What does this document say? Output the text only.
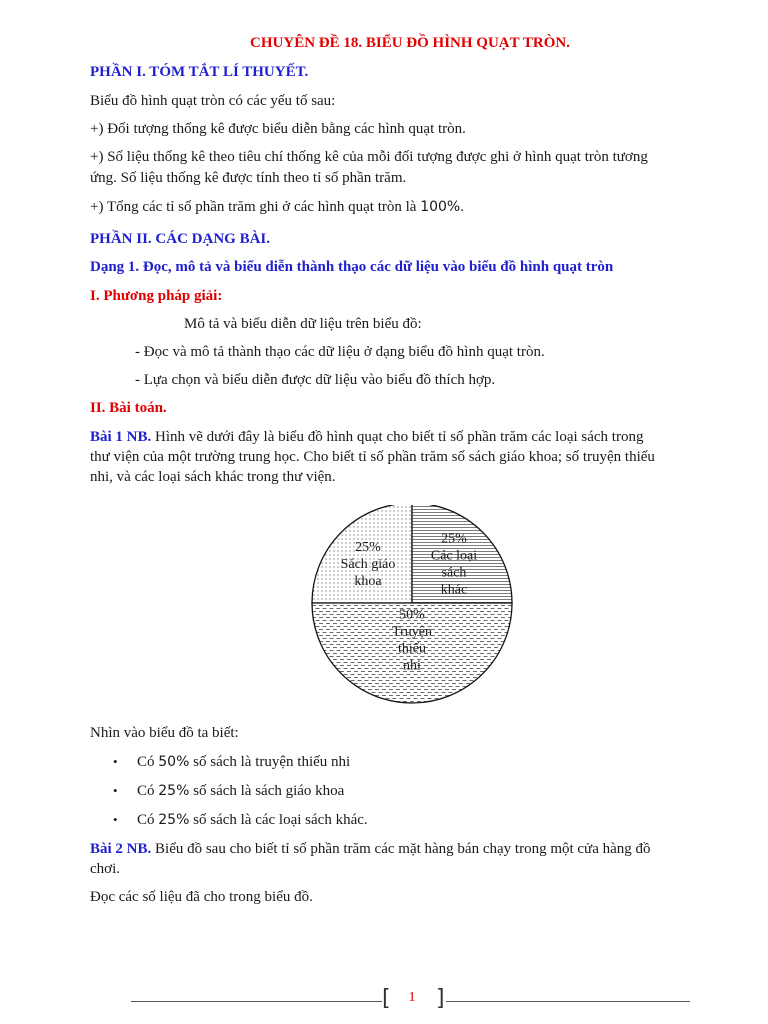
CHUYÊN ĐỀ 18. BIỂU ĐỒ HÌNH QUẠT TRÒN.
PHẦN I. TÓM TẮT LÍ THUYẾT.
Biểu đồ hình quạt tròn có các yếu tố sau:
+) Đối tượng thống kê được biểu diễn bằng các hình quạt tròn.
+) Số liệu thống kê theo tiêu chí thống kê của mỗi đối tượng được ghi ở hình quạt tròn tương
ứng. Số liệu thống kê được tính theo tỉ số phần trăm.
+) Tổng các tỉ số phần trăm ghi ở các hình quạt tròn là 100%.
PHẦN II. CÁC DẠNG BÀI.
Dạng 1. Đọc, mô tả và biểu diễn thành thạo các dữ liệu vào biểu đồ hình quạt tròn
I. Phương pháp giải:
Mô tả và biểu diễn dữ liệu trên biểu đồ:
- Đọc và mô tả thành thạo các dữ liệu ở dạng biểu đồ hình quạt tròn.
- Lựa chọn và biểu diễn được dữ liệu vào biểu đồ thích hợp.
II. Bài toán.
Bài 1 NB. Hình vẽ dưới đây là biểu đồ hình quạt cho biết tỉ số phần trăm các loại sách trong
thư viện của một trường trung học. Cho biết tỉ số phần trăm số sách giáo khoa; số truyện thiếu
nhi, và các loại sách khác trong thư viện.
25% Sách giáo khoa
25% Các loại sách khác
50% Truyện thiếu nhi
Nhìn vào biểu đồ ta biết:
• Có 50% số sách là truyện thiếu nhi
• Có 25% số sách là sách giáo khoa
• Có 25% số sách là các loại sách khác.
Bài 2 NB. Biểu đồ sau cho biết tỉ số phần trăm các mặt hàng bán chạy trong một cửa hàng đồ
chơi.
Đọc các số liệu đã cho trong biểu đồ.
[	1 ]
